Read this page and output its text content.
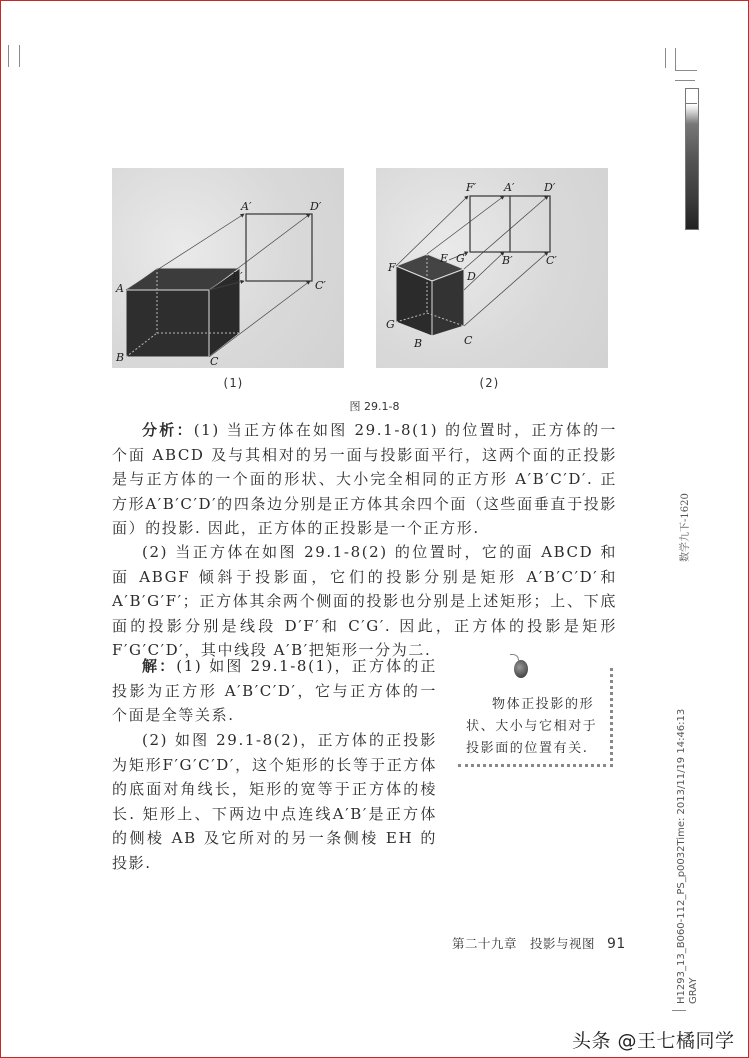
A
B	C
A′	D′
B′
C′
(1)
F
E
D
G
B	C
F′	A′	D′
G′	B′	C′
(2)
图 29.1-8
分析：(1) 当正方体在如图 29.1-8(1) 的位置时，正方体的一个面 ABCD 及与其相对的另一面与投影面平行，这两个面的正投影是与正方体的一个面的形状、大小完全相同的正方形 A′B′C′D′. 正方形A′B′C′D′的四条边分别是正方体其余四个面（这些面垂直于投影面）的投影. 因此，正方体的正投影是一个正方形.
(2) 当正方体在如图 29.1-8(2) 的位置时，它的面 ABCD 和面 ABGF 倾斜于投影面，它们的投影分别是矩形 A′B′C′D′和 A′B′G′F′；正方体其余两个侧面的投影也分别是上述矩形；上、下底面的投影分别是线段 D′F′和 C′G′. 因此，正方体的投影是矩形F′G′C′D′，其中线段 A′B′把矩形一分为二.
解：(1) 如图 29.1-8(1)，正方体的正投影为正方形 A′B′C′D′，它与正方体的一个面是全等关系.
(2) 如图 29.1-8(2)，正方体的正投影为矩形F′G′C′D′，这个矩形的长等于正方体的底面对角线长，矩形的宽等于正方体的棱长. 矩形上、下两边中点连线A′B′是正方体的侧棱 AB 及它所对的另一条侧棱 EH 的投影.
物体正投影的形状、大小与它相对于投影面的位置有关.
第二十九章　投影与视图 91
数学九下-1620
H1293_13_B060-112_PS_p0032Time: 2013/11/19 14:46:13 GRAY
头条 @王七橘同学
